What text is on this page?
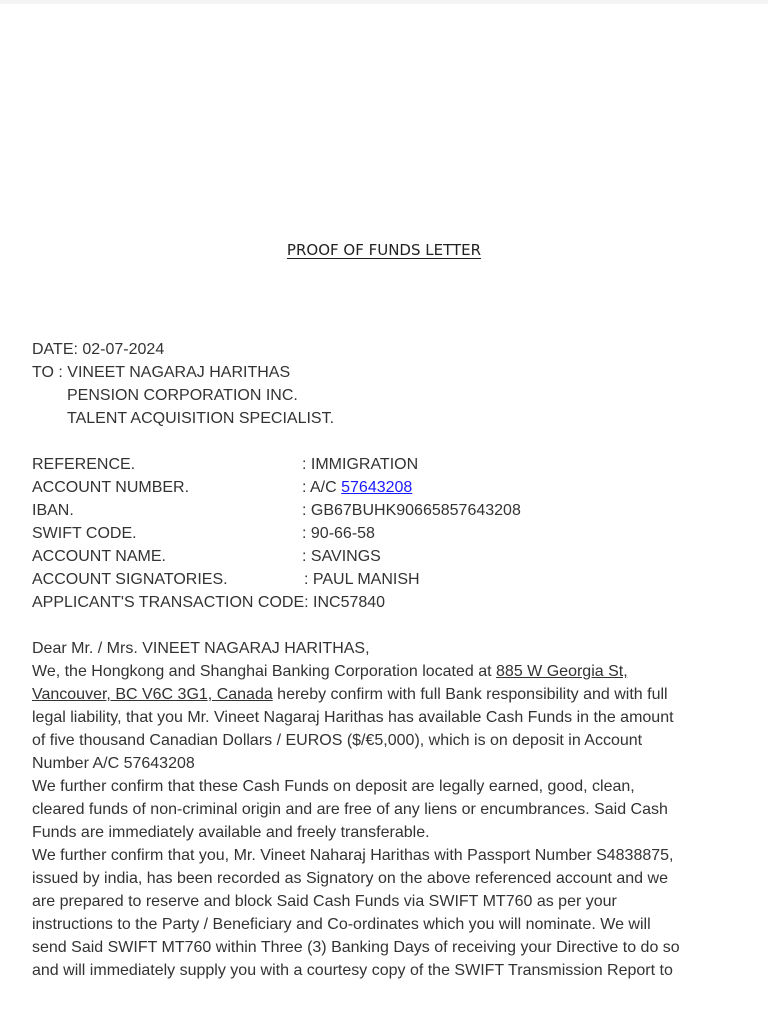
PROOF OF FUNDS LETTER
DATE: 02-07-2024
TO : VINEET NAGARAJ HARITHAS
PENSION CORPORATION INC.
TALENT ACQUISITION SPECIALIST.
REFERENCE.	: IMMIGRATION
ACCOUNT NUMBER.	: A/C 57643208
IBAN.	: GB67BUHK90665857643208
SWIFT CODE.	: 90-66-58
ACCOUNT NAME.	: SAVINGS
ACCOUNT SIGNATORIES.	: PAUL MANISH
APPLICANT'S TRANSACTION CODE: INC57840
Dear Mr. / Mrs. VINEET NAGARAJ HARITHAS,
We, the Hongkong and Shanghai Banking Corporation located at 885 W Georgia St,
Vancouver, BC V6C 3G1, Canada hereby confirm with full Bank responsibility and with full
legal liability, that you Mr. Vineet Nagaraj Harithas has available Cash Funds in the amount
of five thousand Canadian Dollars / EUROS ($/€5,000), which is on deposit in Account
Number A/C 57643208
We further confirm that these Cash Funds on deposit are legally earned, good, clean,
cleared funds of non-criminal origin and are free of any liens or encumbrances. Said Cash
Funds are immediately available and freely transferable.
We further confirm that you, Mr. Vineet Naharaj Harithas with Passport Number S4838875,
issued by india, has been recorded as Signatory on the above referenced account and we
are prepared to reserve and block Said Cash Funds via SWIFT MT760 as per your
instructions to the Party / Beneficiary and Co-ordinates which you will nominate. We will
send Said SWIFT MT760 within Three (3) Banking Days of receiving your Directive to do so
and will immediately supply you with a courtesy copy of the SWIFT Transmission Report to
